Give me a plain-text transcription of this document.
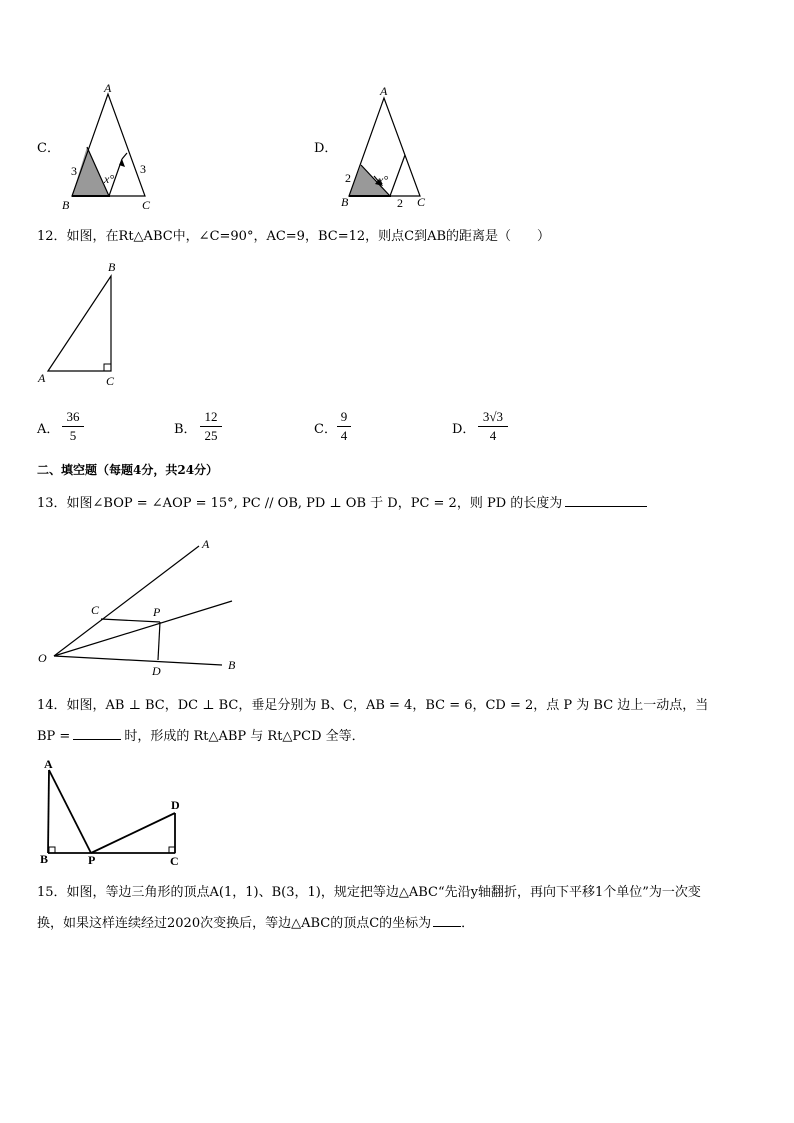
C．
A
B	C
3	3
x°
D．
A
B	C
2
2
x°
12．如图，在Rt△ABC中，∠C=90°，AC=9，BC=12，则点C到AB的距离是（　　）
B
A	C
A．
36
5	B．
12
25	C．
9
4	D．
3√3
4
二、填空题（每题4分，共24分）
13．如图∠BOP = ∠AOP = 15°, PC // OB, PD ⊥ OB 于 D，PC = 2，则 PD 的长度为
A
O	B
C	P
D
14．如图，AB ⊥ BC，DC ⊥ BC，垂足分别为 B、C，AB = 4，BC = 6，CD = 2，点 P 为 BC 边上一动点，当
BP =	时，形成的 Rt△ABP 与 Rt△PCD 全等．
A
B	P	C
D
15．如图，等边三角形的顶点A(1，1)、B(3，1)，规定把等边△ABC“先沿y轴翻折，再向下平移1个单位”为一次变
换，如果这样连续经过2020次变换后，等边△ABC的顶点C的坐标为 ．
